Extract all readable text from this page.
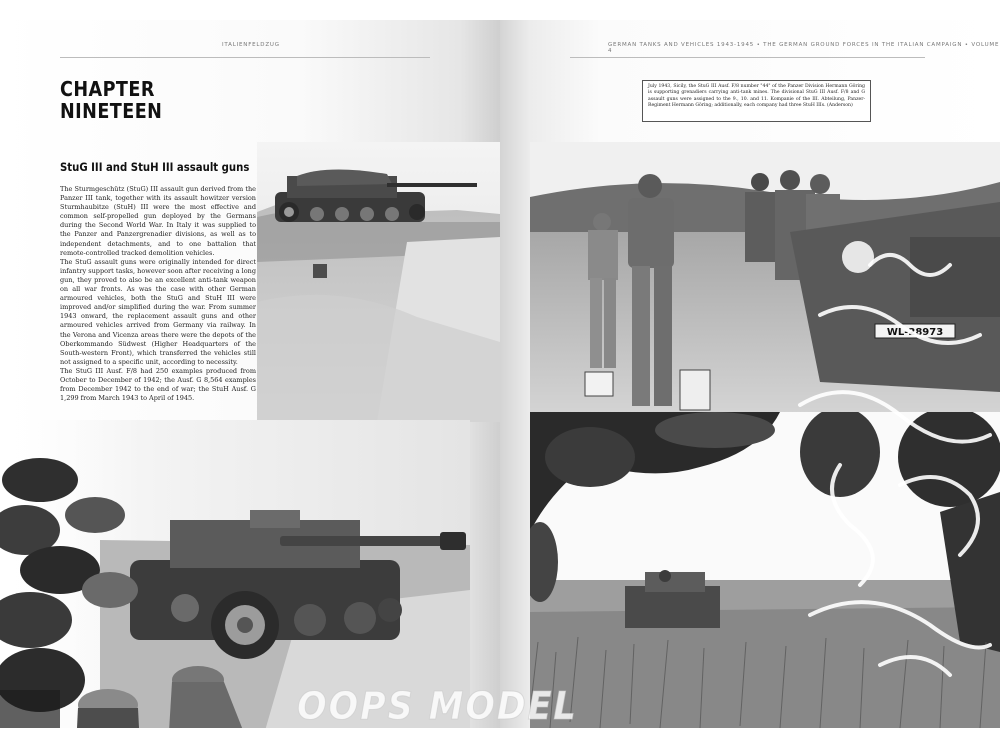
ITALIENFELDZUG
CHAPTER
NINETEEN
StuG III and StuH III assault guns

The Sturmgeschütz (StuG) III assault gun derived from the Panzer III tank, together with its assault howitzer version Sturmhaubitze (StuH) III were the most effective and common self-propelled gun deployed by the Germans during the Second World War. In Italy it was supplied to the Panzer and Panzergrenadier divisions, as well as to independent detachments, and to one battalion that remote-controlled tracked demolition vehicles.

The StuG assault guns were originally intended for direct infantry support tasks, however soon after receiving a long gun, they proved to also be an excellent anti-tank weapon on all war fronts. As was the case with other German armoured vehicles, both the StuG and StuH III were improved and/or simplified during the war. From summer 1943 onward, the replacement assault guns and other armoured vehicles arrived from Germany via railway. In the Verona and Vicenza areas there were the depots of the Oberkommando Südwest (Higher Headquarters of the South-western Front), which transferred the vehicles still not assigned to a specific unit, according to necessity.

The StuG III Ausf. F/8 had 250 examples produced from October to December of 1942; the Ausf. G 8,564 examples from December 1942 to the end of war; the StuH Ausf. G 1,299 from March 1943 to April of 1945.

GERMAN TANKS AND VEHICLES 1943-1945 • THE GERMAN GROUND FORCES IN THE ITALIAN CAMPAIGN • VOLUME 4
WL-28973
July 1943, Sicily, the StuG III Ausf. F/8 number "44" of the Panzer Division Hermann Göring is supporting grenadiers carrying anti-tank mines. The divisional StuG III Ausf. F/8 and G assault guns were assigned to the 9., 10. and 11. Kompanie of the III. Abteilung, Panzer-Regiment Hermann Göring; additionally, each company had three StuH IIIs. (Anderson)
OOPS MODEL
